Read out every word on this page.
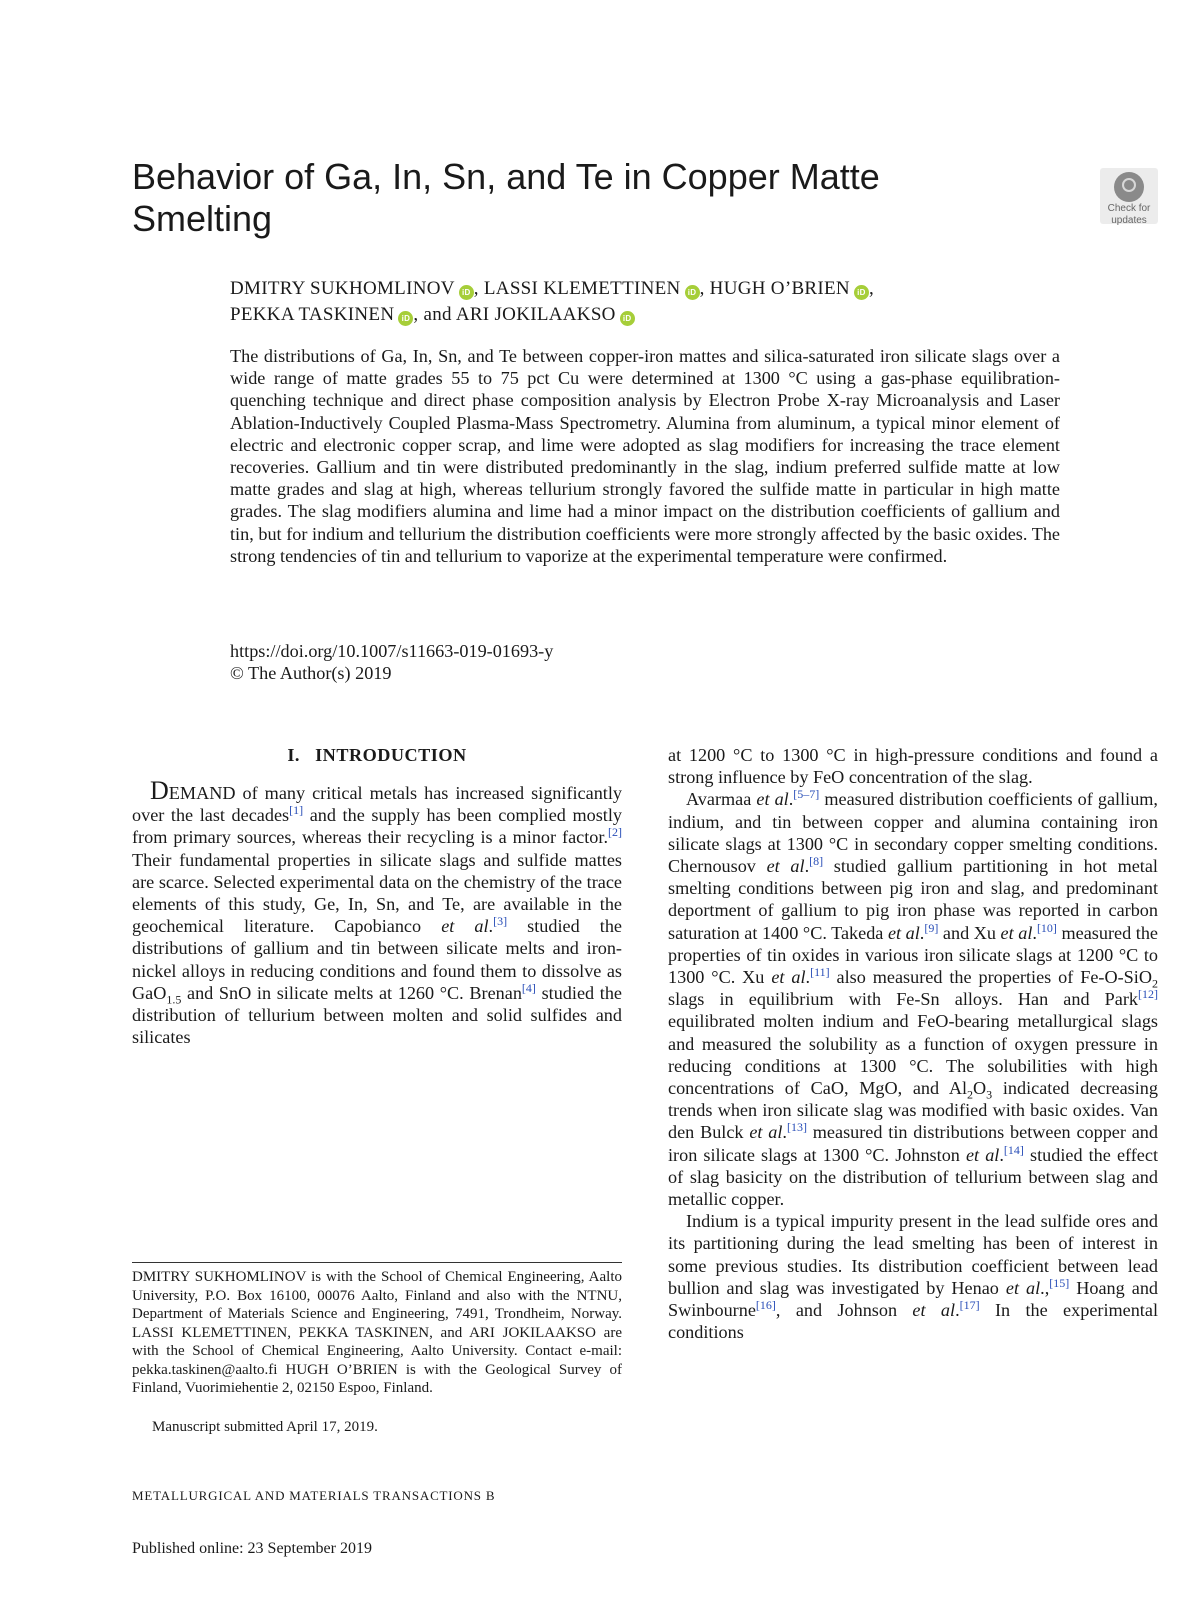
Behavior of Ga, In, Sn, and Te in Copper Matte Smelting	Check for
updates
DMITRY SUKHOMLINOV iD , LASSI KLEMETTINEN iD , HUGH O’BRIEN iD ,
PEKKA TASKINEN iD , and ARI JOKILAAKSO iD

The distributions of Ga, In, Sn, and Te between copper-iron mattes and silica-saturated iron silicate slags over a wide range of matte grades 55 to 75 pct Cu were determined at 1300 °C using a gas-phase equilibration-quenching technique and direct phase composition analysis by Electron Probe X-ray Microanalysis and Laser Ablation-Inductively Coupled Plasma-Mass Spectrometry. Alumina from aluminum, a typical minor element of electric and electronic copper scrap, and lime were adopted as slag modifiers for increasing the trace element recoveries. Gallium and tin were distributed predominantly in the slag, indium preferred sulfide matte at low matte grades and slag at high, whereas tellurium strongly favored the sulfide matte in particular in high matte grades. The slag modifiers alumina and lime had a minor impact on the distribution coefficients of gallium and tin, but for indium and tellurium the distribution coefficients were more strongly affected by the basic oxides. The strong tendencies of tin and tellurium to vaporize at the experimental temperature were confirmed.

https://doi.org/10.1007/s11663-019-01693-y
© The Author(s) 2019
I. INTRODUCTION

DEMAND of many critical metals has increased significantly over the last decades[1] and the supply has been complied mostly from primary sources, whereas their recycling is a minor factor.[2] Their fundamental properties in silicate slags and sulfide mattes are scarce. Selected experimental data on the chemistry of the trace elements of this study, Ge, In, Sn, and Te, are available in the geochemical literature. Capobianco et al.[3] studied the distributions of gallium and tin between silicate melts and iron-nickel alloys in reducing conditions and found them to dissolve as GaO$_{1.5}$ and SnO in silicate melts at 1260 °C. Brenan[4] studied the distribution of tellurium between molten and solid sulfides and silicates

at 1200 °C to 1300 °C in high-pressure conditions and found a strong influence by FeO concentration of the slag.

Avarmaa et al.[5–7] measured distribution coefficients of gallium, indium, and tin between copper and alumina containing iron silicate slags at 1300 °C in secondary copper smelting conditions. Chernousov et al.[8] studied gallium partitioning in hot metal smelting conditions between pig iron and slag, and predominant deportment of gallium to pig iron phase was reported in carbon saturation at 1400 °C. Takeda et al.[9] and Xu et al.[10] measured the properties of tin oxides in various iron silicate slags at 1200 °C to 1300 °C. Xu et al.[11] also measured the properties of Fe-O-SiO$_2$ slags in equilibrium with Fe-Sn alloys. Han and Park[12] equilibrated molten indium and FeO-bearing metallurgical slags and measured the solubility as a function of oxygen pressure in reducing conditions at 1300 °C. The solubilities with high concentrations of CaO, MgO, and $Al_2O_3$ indicated decreasing trends when iron silicate slag was modified with basic oxides. Van den Bulck et al.[13] measured tin distributions between copper and iron silicate slags at 1300 °C. Johnston et al.[14] studied the effect of slag basicity on the distribution of tellurium between slag and metallic copper.

Indium is a typical impurity present in the lead sulfide ores and its partitioning during the lead smelting has been of interest in some previous studies. Its distribution coefficient between lead bullion and slag was investigated by Henao et al.,[15] Hoang and Swinbourne[16], and Johnson et al.[17] In the experimental conditions

DMITRY SUKHOMLINOV is with the School of Chemical Engineering, Aalto University, P.O. Box 16100, 00076 Aalto, Finland and also with the NTNU, Department of Materials Science and Engineering, 7491, Trondheim, Norway. LASSI KLEMETTINEN, PEKKA TASKINEN, and ARI JOKILAAKSO are with the School of Chemical Engineering, Aalto University. Contact e-mail: pekka.taskinen@aalto.fi HUGH O’BRIEN is with the Geological Survey of Finland, Vuorimiehentie 2, 02150 Espoo, Finland.

Manuscript submitted April 17, 2019.
METALLURGICAL AND MATERIALS TRANSACTIONS B
Published online: 23 September 2019
